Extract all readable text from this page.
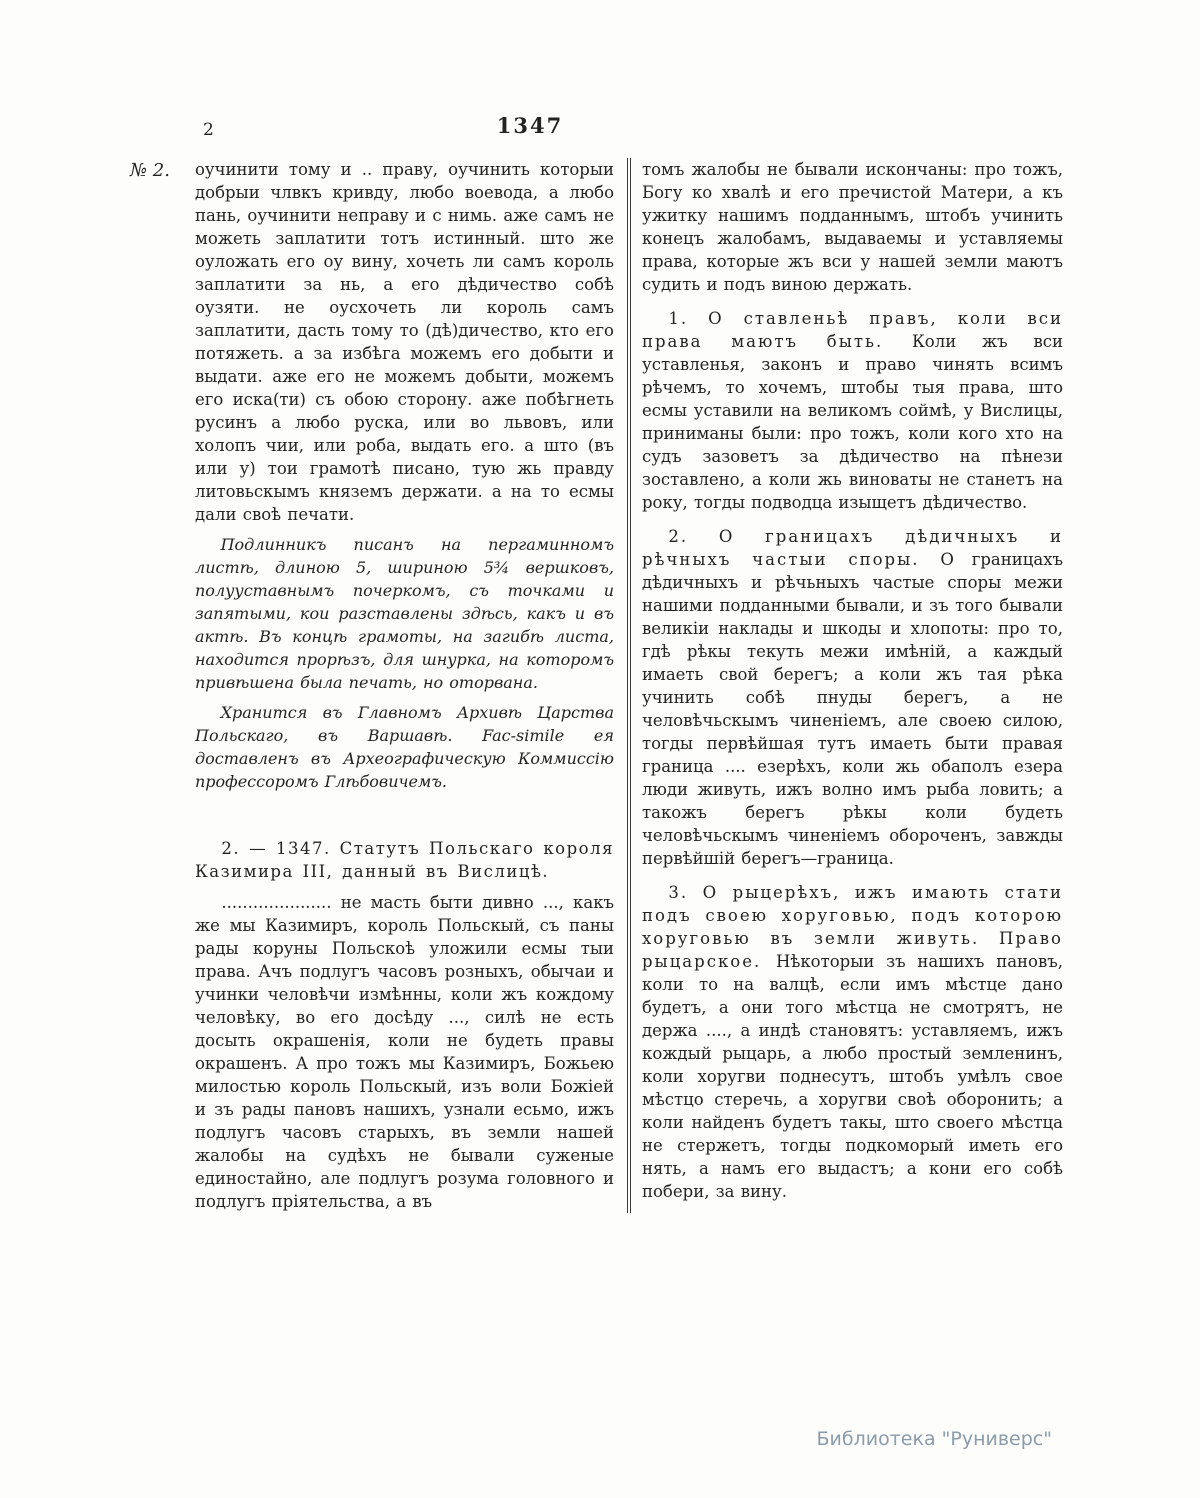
2	1347
№ 2. оучинити тому и .. праву, оучинить которыи добрыи члвкъ кривду, любо воевода, а любо пань, оучинити неправу и с нимь. аже самъ не можеть заплатити тотъ истинный. што же оуложать его оу вину, хочеть ли самъ король заплатити за нь, а его дѣдичество собѣ оузяти. не оусхочеть ли король самъ заплатити, дасть тому то (дѣ)дичество, кто его потяжеть. а за избѣга можемъ его добыти и выдати. аже его не можемъ добыти, можемъ его иска(ти) съ обою сторону. аже побѣгнеть русинъ а любо руска, или во львовъ, или холопъ чии, или роба, выдать его. а што (въ или у) тои грамотѣ писано, тую жь правду литовьскымъ княземъ держати. а на то есмы дали своѣ печати.

Подлинникъ писанъ на пергаминномъ листѣ, длиною 5, шириною 5¾ вершковъ, полууставнымъ почеркомъ, съ точками и запятыми, кои разставлены здѣсь, какъ и въ актѣ. Въ концѣ грамоты, на загибѣ листа, находится прорѣзъ, для шнурка, на которомъ привѣшена была печать, но оторвана.

Хранится въ Главномъ Архивѣ Царства Польскаго, въ Варшавѣ. Fac-simile ея доставленъ въ Археографическую Коммиссію профессоромъ Глѣбовичемъ.

2. — 1347. Статутъ Польскаго короля Казимира III, данный въ Вислицѣ.

..................... не масть быти дивно ..., какъ же мы Казимиръ, король Польскый, съ паны рады коруны Польскоѣ уложили есмы тыи права. Ачъ подлугъ часовъ розныхъ, обычаи и учинки человѣчи измѣнны, коли жъ кождому человѣку, во его досѣду ..., силѣ не есть досыть окрашенія, коли не будеть правы окрашенъ. А про тожъ мы Казимиръ, Божьею милостью король Польскый, изъ воли Божіей и зъ рады пановъ нашихъ, узнали есьмо, ижъ подлугъ часовъ старыхъ, въ земли нашей жалобы на судѣхъ не бывали суженые единостайно, але подлугъ розума головного и подлугъ пріятельства, а въ

томъ жалобы не бывали искончаны: про тожъ, Богу ко хвалѣ и его пречистой Матери, а къ ужитку нашимъ подданнымъ, штобъ учинить конецъ жалобамъ, выдаваемы и уставляемы права, которые жъ вси у нашей земли маютъ судить и подъ виною держать.

1. О ставленьѣ правъ, коли вси права маютъ быть. Коли жъ вси уставленья, законъ и право чинять всимъ рѣчемъ, то хочемъ, штобы тыя права, што есмы уставили на великомъ соймѣ, у Вислицы, приниманы были: про тожъ, коли кого хто на судъ зазоветъ за дѣдичество на пѣнези зоставлено, а коли жь виноваты не станетъ на року, тогды подводца изыщетъ дѣдичество.

2. О границахъ дѣдичныхъ и рѣчныхъ частыи споры. О границахъ дѣдичныхъ и рѣчьныхъ частые споры межи нашими подданными бывали, и зъ того бывали великіи наклады и шкоды и хлопоты: про то, гдѣ рѣкы текуть межи имѣній, а каждый имаеть свой берегъ; а коли жъ тая рѣка учинить собѣ пнуды берегъ, а не человѣчьскымъ чиненіемъ, але своею силою, тогды первѣйшая тутъ имаеть быти правая граница .... езерѣхъ, коли жь обаполъ езера люди живуть, ижъ волно имъ рыба ловить; а такожъ берегъ рѣкы коли будеть человѣчьскымъ чиненіемъ обороченъ, завжды первѣйшій берегъ—граница.

3. О рыцерѣхъ, ижъ имають стати подъ своею хоруговью, подъ которою хоруговью въ земли живуть. Право рыцарское. Нѣкоторыи зъ нашихъ пановъ, коли то на валцѣ, если имъ мѣстце дано будетъ, а они того мѣстца не смотрятъ, не держа ...., а индѣ становятъ: уставляемъ, ижъ кождый рыцарь, а любо простый земленинъ, коли хоругви поднесутъ, штобъ умѣлъ свое мѣстцо стеречь, а хоругви своѣ оборонить; а коли найденъ будетъ такы, што своего мѣстца не стержетъ, тогды подкоморый иметь его нять, а намъ его выдастъ; а кони его собѣ побери, за вину.

Библиотека "Руниверс"
